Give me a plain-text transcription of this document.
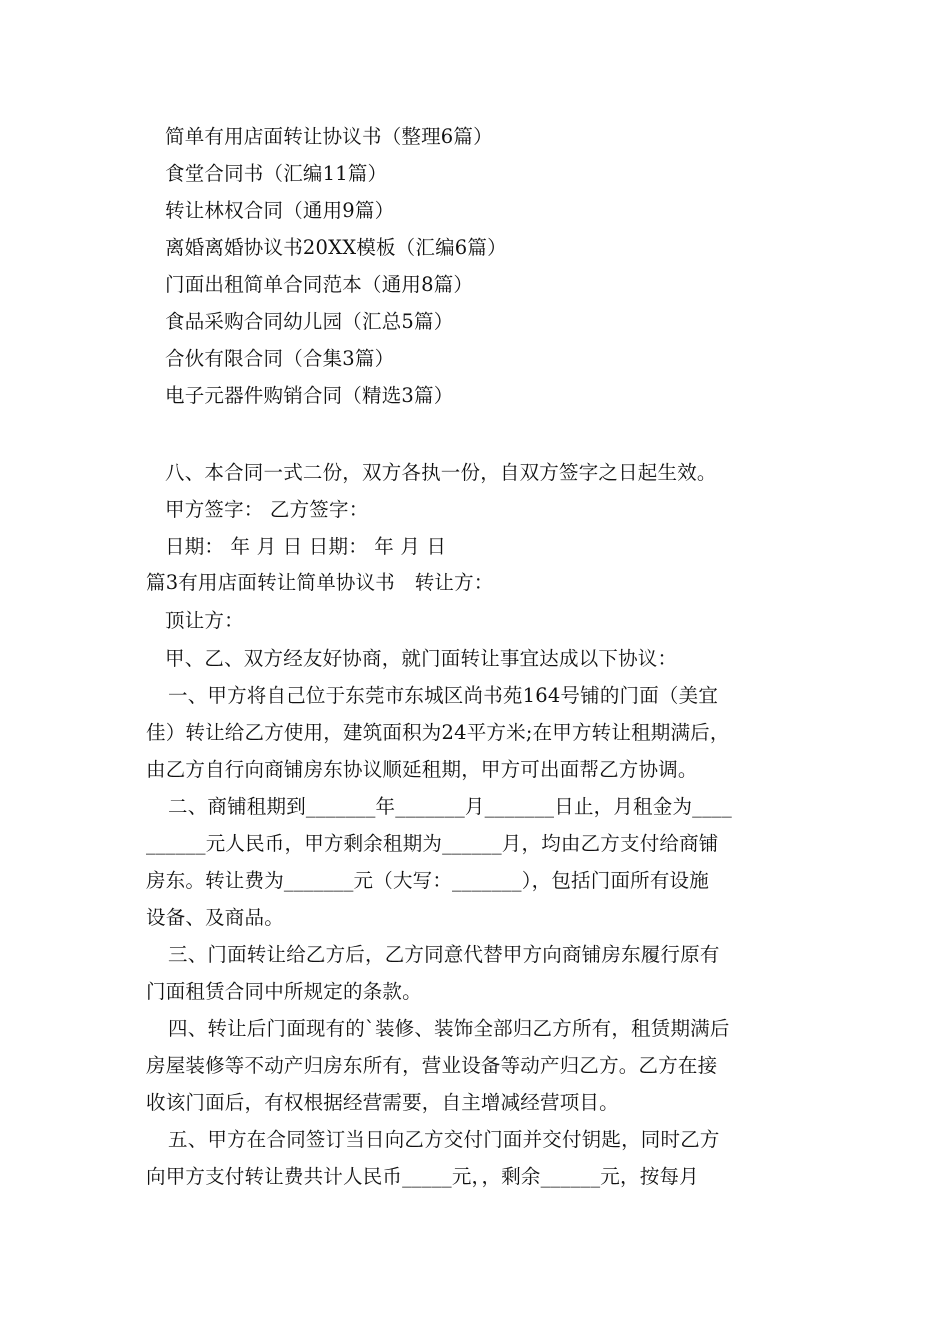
简单有用店面转让协议书（整理6篇）
食堂合同书（汇编11篇）
转让林权合同（通用9篇）
离婚离婚协议书20XX模板（汇编6篇）
门面出租简单合同范本（通用8篇）
食品采购合同幼儿园（汇总5篇）
合伙有限合同（合集3篇）
电子元器件购销合同（精选3篇）
八、本合同一式二份，双方各执一份，自双方签字之日起生效。
甲方签字： 乙方签字：
日期： 年 月 日 日期： 年 月 日
篇3有用店面转让简单协议书　转让方：
顶让方：
甲、乙、双方经友好协商，就门面转让事宜达成以下协议：
一、甲方将自己位于东莞市东城区尚书苑164号铺的门面（美宜
佳）转让给乙方使用，建筑面积为24平方米;在甲方转让租期满后，
由乙方自行向商铺房东协议顺延租期，甲方可出面帮乙方协调。
二、商铺租期到_______年_______月_______日止，月租金为____
______元人民币，甲方剩余租期为______月，均由乙方支付给商铺
房东。转让费为_______元（大写：_______），包括门面所有设施
设备、及商品。
三、门面转让给乙方后，乙方同意代替甲方向商铺房东履行原有
门面租赁合同中所规定的条款。
四、转让后门面现有的`装修、装饰全部归乙方所有，租赁期满后
房屋装修等不动产归房东所有，营业设备等动产归乙方。乙方在接
收该门面后，有权根据经营需要，自主增减经营项目。
五、甲方在合同签订当日向乙方交付门面并交付钥匙，同时乙方
向甲方支付转让费共计人民币_____元，，剩余______元，按每月
